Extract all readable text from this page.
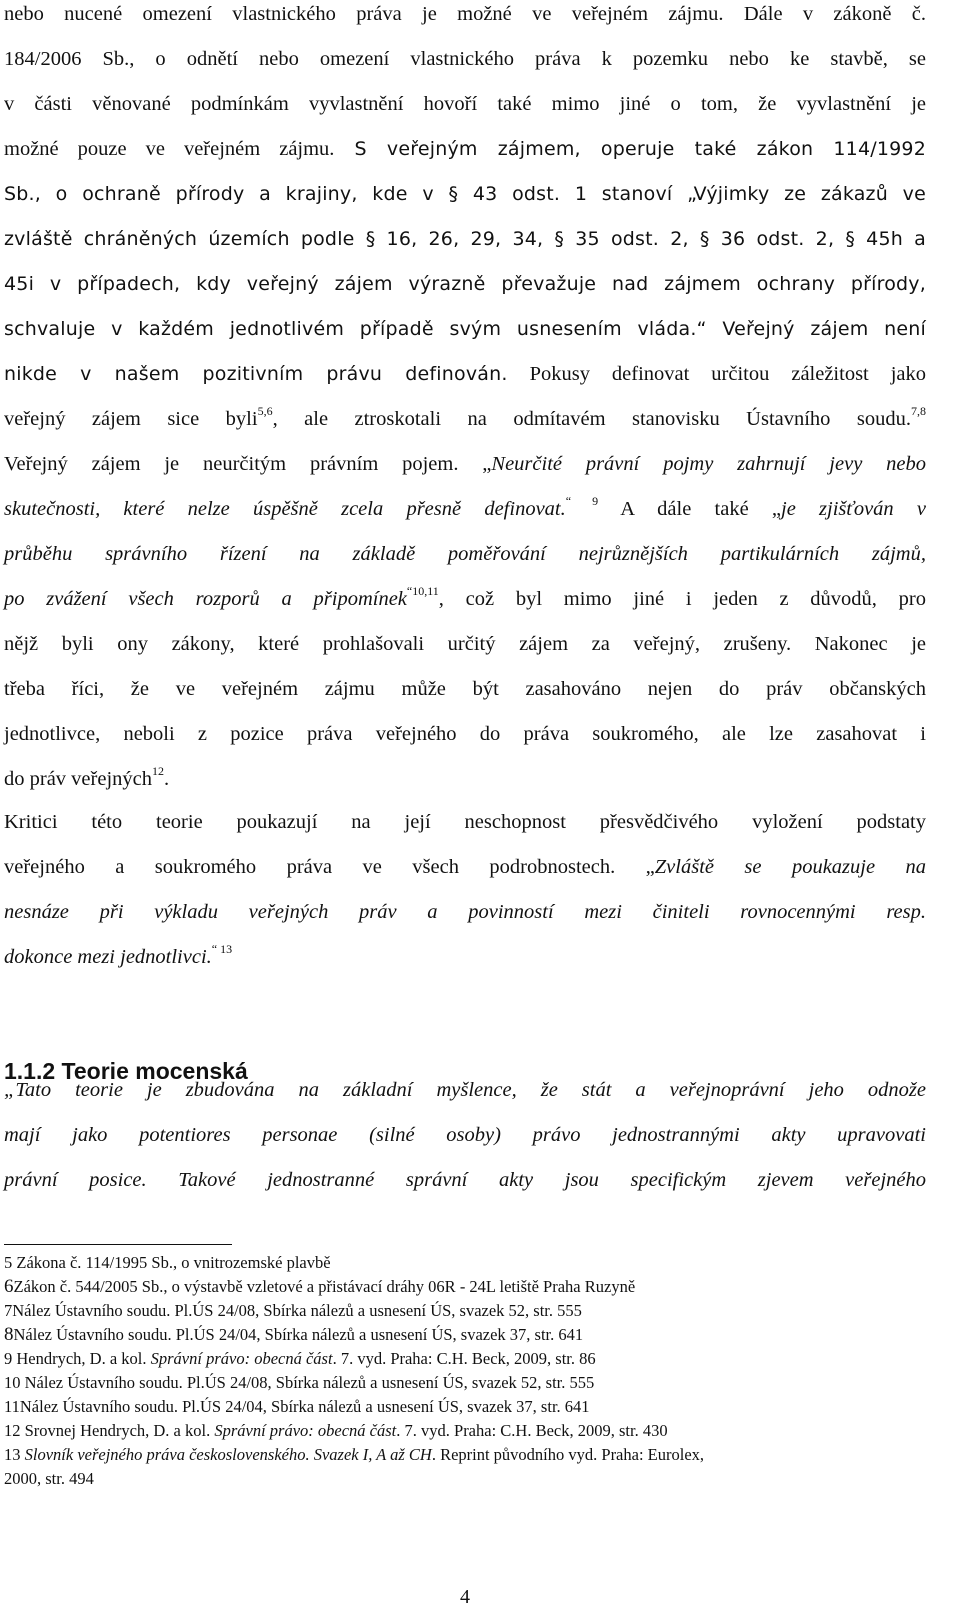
nebo nucené omezení vlastnického práva je možné ve veřejném zájmu. Dále v zákoně č.

184/2006 Sb., o odnětí nebo omezení vlastnického práva k pozemku nebo ke stavbě, se

v části věnované podmínkám vyvlastnění hovoří také mimo jiné o tom, že vyvlastnění je

možné pouze ve veřejném zájmu. S veřejným zájmem, operuje také zákon 114/1992

Sb., o ochraně přírody a krajiny, kde v § 43 odst. 1 stanoví „Výjimky ze zákazů ve

zvláště chráněných územích podle § 16, 26, 29, 34, § 35 odst. 2, § 36 odst. 2, § 45h a

45i v případech, kdy veřejný zájem výrazně převažuje nad zájmem ochrany přírody,

schvaluje v každém jednotlivém případě svým usnesením vláda.“ Veřejný zájem není

nikde v našem pozitivním právu definován. Pokusy definovat určitou záležitost jako

veřejný zájem sice byli$^{5,6}$, ale ztroskotali na odmítavém stanovisku Ústavního soudu.$^{7,8}$

Veřejný zájem je neurčitým právním pojem. „Neurčité právní pojmy zahrnují jevy nebo

skutečnosti, které nelze úspěšně zcela přesně definovat.$^{“ 9}$ A dále také „je zjišťován v

průběhu správního řízení na základě poměřování nejrůznějších partikulárních zájmů,

po zvážení všech rozporů a připomínek$^{“10,11}$, což byl mimo jiné i jeden z důvodů, pro

nějž byli ony zákony, které prohlašovali určitý zájem za veřejný, zrušeny. Nakonec je

třeba říci, že ve veřejném zájmu může být zasahováno nejen do práv občanských

jednotlivce, neboli z pozice práva veřejného do práva soukromého, ale lze zasahovat i

do práv veřejných$^{12}$.

Kritici této teorie poukazují na její neschopnost přesvědčivého vyložení podstaty

veřejného a soukromého práva ve všech podrobnostech. „Zvláště se poukazuje na

nesnáze při výkladu veřejných práv a povinností mezi činiteli rovnocennými resp.

dokonce mezi jednotlivci.$^{“ 13}$

1.1.2 Teorie mocenská

„Tato teorie je zbudována na základní myšlence, že stát a veřejnoprávní jeho odnože

mají jako potentiores personae (silné osoby) právo jednostrannými akty upravovati

právní posice. Takové jednostranné správní akty jsou specifickým zjevem veřejného

5 Zákona č. 114/1995 Sb., o vnitrozemské plavbě

6Zákon č. 544/2005 Sb., o výstavbě vzletové a přistávací dráhy 06R - 24L letiště Praha Ruzyně

7Nález Ústavního soudu. Pl.ÚS 24/08, Sbírka nálezů a usnesení ÚS, svazek 52, str. 555

8Nález Ústavního soudu. Pl.ÚS 24/04, Sbírka nálezů a usnesení ÚS, svazek 37, str. 641

9 Hendrych, D. a kol. Správní právo: obecná část. 7. vyd. Praha: C.H. Beck, 2009, str. 86

10 Nález Ústavního soudu. Pl.ÚS 24/08, Sbírka nálezů a usnesení ÚS, svazek 52, str. 555

11Nález Ústavního soudu. Pl.ÚS 24/04, Sbírka nálezů a usnesení ÚS, svazek 37, str. 641

12 Srovnej Hendrych, D. a kol. Správní právo: obecná část. 7. vyd. Praha: C.H. Beck, 2009, str. 430

13 Slovník veřejného práva československého. Svazek I, A až CH. Reprint původního vyd. Praha: Eurolex,

2000, str. 494

4
